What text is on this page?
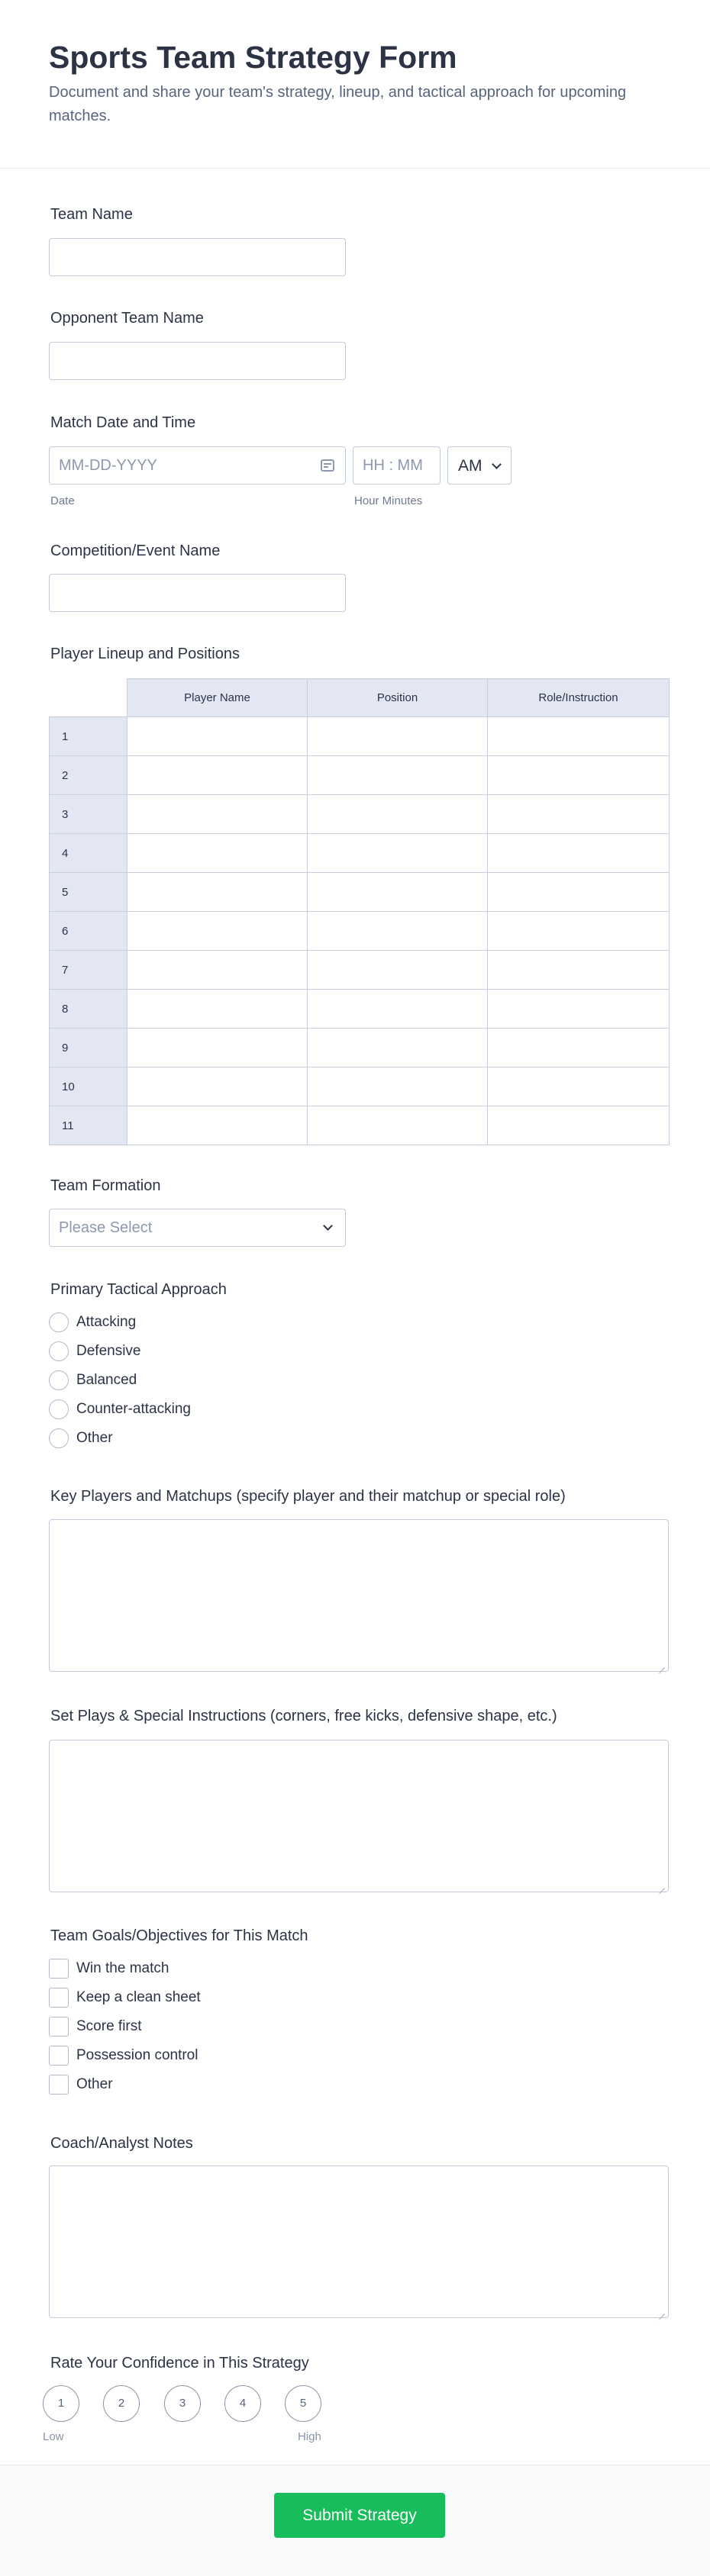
Sports Team Strategy Form
Document and share your team's strategy, lineup, and tactical approach for upcoming matches.
Team Name
Opponent Team Name
Match Date and Time
MM-DD-YYYY	HH : MM AM
Date	Hour Minutes
Competition/Event Name
Player Lineup and Positions
	Player Name	Position	Role/Instruction
1			
2			
3			
4			
5			
6			
7			
8			
9			
10			
11			
Team Formation
Please Select
Primary Tactical Approach
Attacking
Defensive
Balanced
Counter-attacking
Other
Key Players and Matchups (specify player and their matchup or special role)
Set Plays & Special Instructions (corners, free kicks, defensive shape, etc.)
Team Goals/Objectives for This Match
Win the match
Keep a clean sheet
Score first
Possession control
Other
Coach/Analyst Notes
Rate Your Confidence in This Strategy
1	2	3	4	5
Low	High
Submit Strategy
